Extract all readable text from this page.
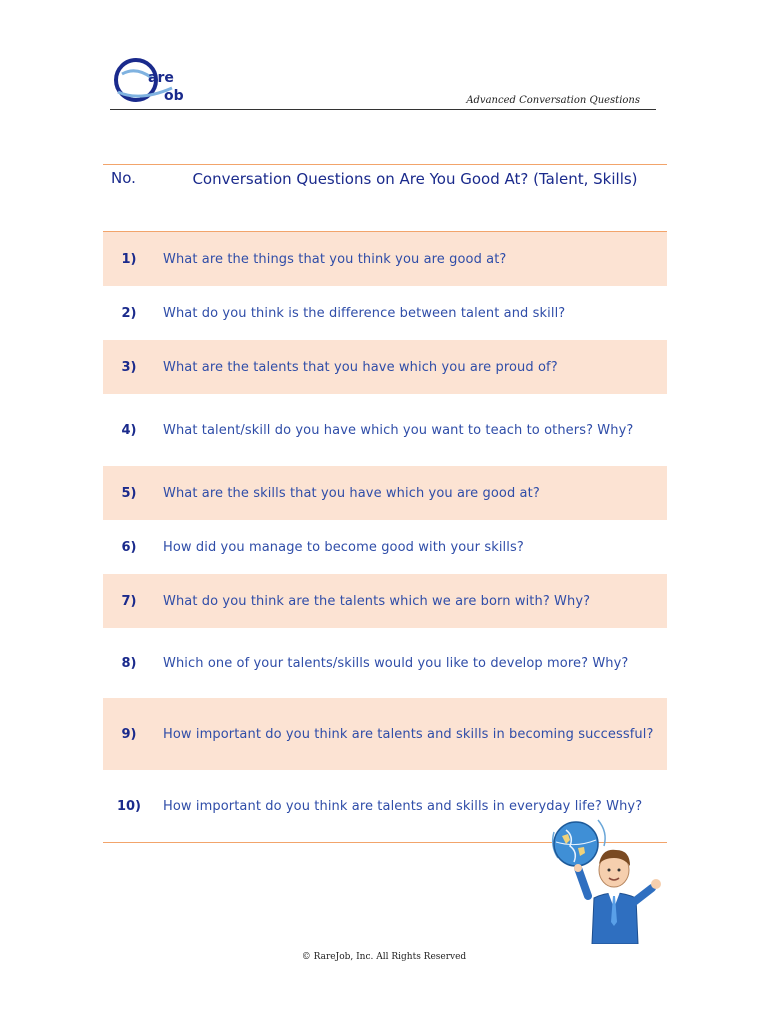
are
ob	Advanced Conversation Questions
No.	Conversation Questions on Are You Good At? (Talent, Skills)
1)	What are the things that you think you are good at?
2)	What do you think is the difference between talent and skill?
3)	What are the talents that you have which you are proud of?
4)	What talent/skill do you have which you want to teach to others? Why?
5)	What are the skills that you have which you are good at?
6)	How did you manage to become good with your skills?
7)	What do you think are the talents which we are born with? Why?
8)	Which one of your talents/skills would you like to develop more? Why?
9)	How important do you think are talents and skills in becoming successful?
10)	How important do you think are talents and skills in everyday life? Why?
© RareJob, Inc. All Rights Reserved
